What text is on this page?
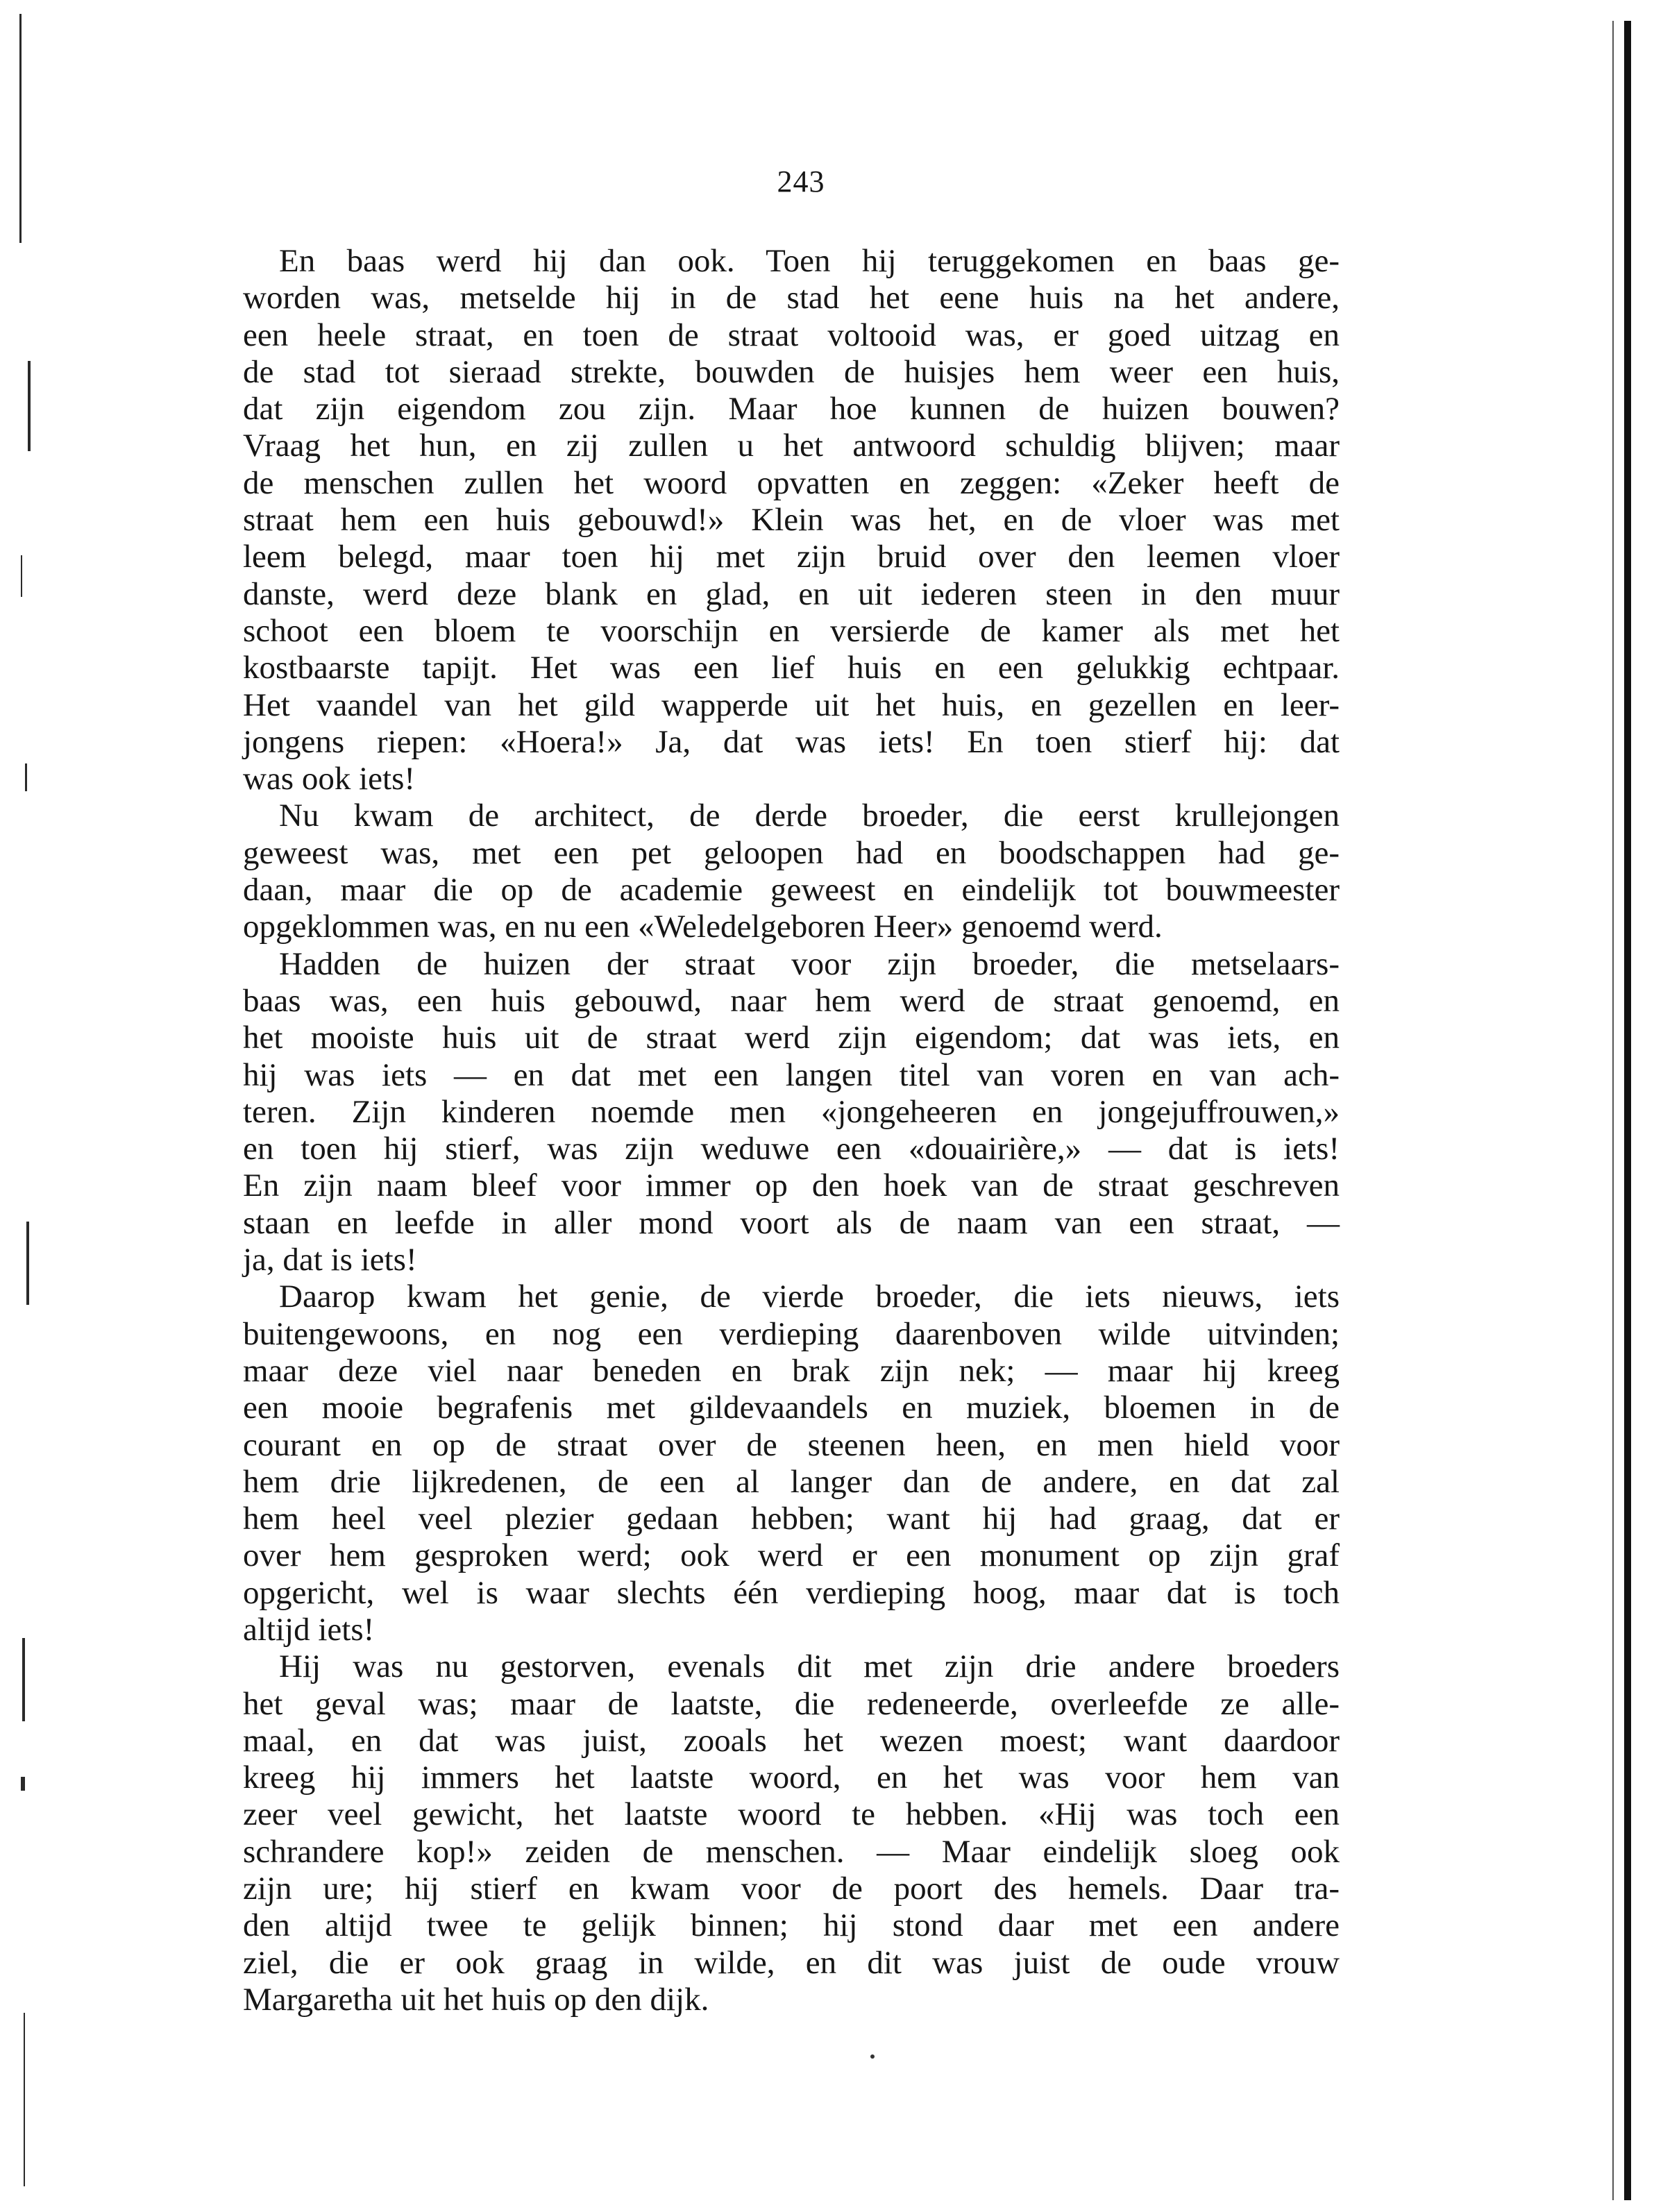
243
En baas werd hij dan ook. Toen hij teruggekomen en baas ge-
worden was, metselde hij in de stad het eene huis na het andere,
een heele straat, en toen de straat voltooid was, er goed uitzag en
de stad tot sieraad strekte, bouwden de huisjes hem weer een huis,
dat zijn eigendom zou zijn. Maar hoe kunnen de huizen bouwen?
Vraag het hun, en zij zullen u het antwoord schuldig blijven; maar
de menschen zullen het woord opvatten en zeggen: «Zeker heeft de
straat hem een huis gebouwd!» Klein was het, en de vloer was met
leem belegd, maar toen hij met zijn bruid over den leemen vloer
danste, werd deze blank en glad, en uit iederen steen in den muur
schoot een bloem te voorschijn en versierde de kamer als met het
kostbaarste tapijt. Het was een lief huis en een gelukkig echtpaar.
Het vaandel van het gild wapperde uit het huis, en gezellen en leer-
jongens riepen: «Hoera!» Ja, dat was iets! En toen stierf hij: dat
was ook iets!
Nu kwam de architect, de derde broeder, die eerst krullejongen
geweest was, met een pet geloopen had en boodschappen had ge-
daan, maar die op de academie geweest en eindelijk tot bouwmeester
opgeklommen was, en nu een «Weledelgeboren Heer» genoemd werd.
Hadden de huizen der straat voor zijn broeder, die metselaars-
baas was, een huis gebouwd, naar hem werd de straat genoemd, en
het mooiste huis uit de straat werd zijn eigendom; dat was iets, en
hij was iets — en dat met een langen titel van voren en van ach-
teren. Zijn kinderen noemde men «jongeheeren en jongejuffrouwen,»
en toen hij stierf, was zijn weduwe een «douairière,» — dat is iets!
En zijn naam bleef voor immer op den hoek van de straat geschreven
staan en leefde in aller mond voort als de naam van een straat, —
ja, dat is iets!
Daarop kwam het genie, de vierde broeder, die iets nieuws, iets
buitengewoons, en nog een verdieping daarenboven wilde uitvinden;
maar deze viel naar beneden en brak zijn nek; — maar hij kreeg
een mooie begrafenis met gildevaandels en muziek, bloemen in de
courant en op de straat over de steenen heen, en men hield voor
hem drie lijkredenen, de een al langer dan de andere, en dat zal
hem heel veel plezier gedaan hebben; want hij had graag, dat er
over hem gesproken werd; ook werd er een monument op zijn graf
opgericht, wel is waar slechts één verdieping hoog, maar dat is toch
altijd iets!
Hij was nu gestorven, evenals dit met zijn drie andere broeders
het geval was; maar de laatste, die redeneerde, overleefde ze alle-
maal, en dat was juist, zooals het wezen moest; want daardoor
kreeg hij immers het laatste woord, en het was voor hem van
zeer veel gewicht, het laatste woord te hebben. «Hij was toch een
schrandere kop!» zeiden de menschen. — Maar eindelijk sloeg ook
zijn ure; hij stierf en kwam voor de poort des hemels. Daar tra-
den altijd twee te gelijk binnen; hij stond daar met een andere
ziel, die er ook graag in wilde, en dit was juist de oude vrouw
Margaretha uit het huis op den dijk.
